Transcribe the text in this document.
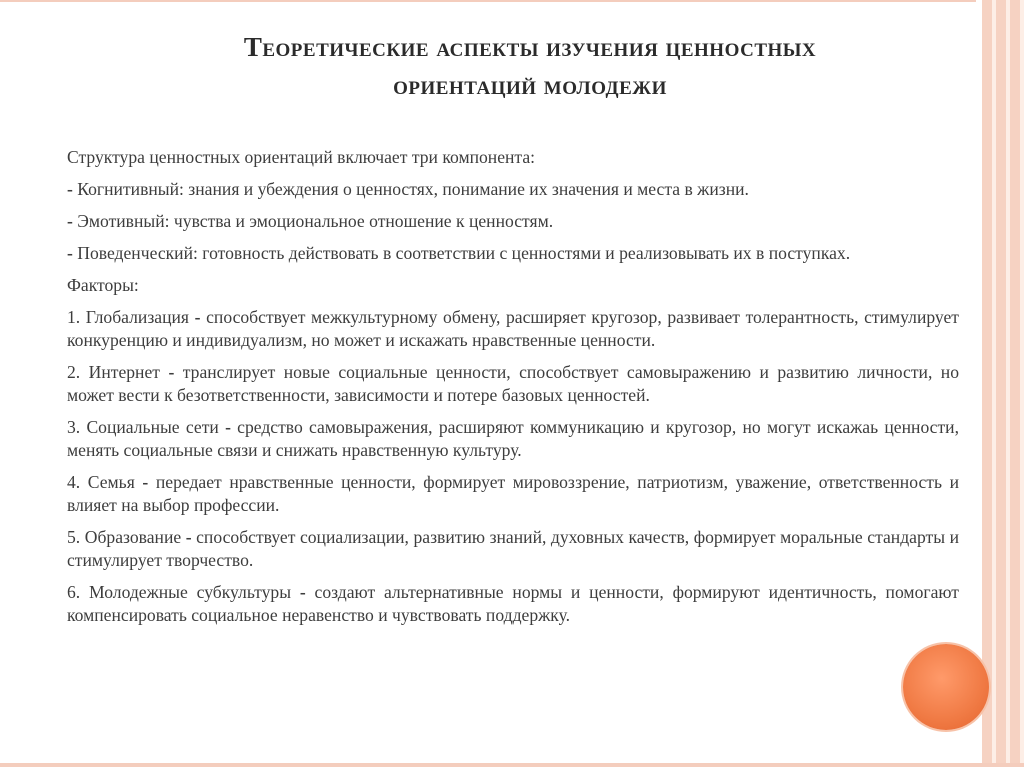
Теоретические аспекты изучения ценностных
ориентаций молодежи

Структура ценностных ориентаций включает три компонента:

- Когнитивный: знания и убеждения о ценностях, понимание их значения и места в жизни.

- Эмотивный: чувства и эмоциональное отношение к ценностям.

- Поведенческий: готовность действовать в соответствии с ценностями и реализовывать их в поступках.

Факторы:

1. Глобализация - способствует межкультурному обмену, расширяет кругозор, развивает толерантность, стимулирует конкуренцию и индивидуализм, но может и искажать нравственные ценности.

2. Интернет - транслирует новые социальные ценности, способствует самовыражению и развитию личности, но может вести к безответственности, зависимости и потере базовых ценностей.

3. Социальные сети - средство самовыражения, расширяют коммуникацию и кругозор, но могут искажаь ценности, менять социальные связи и снижать нравственную культуру.

4. Семья - передает нравственные ценности, формирует мировоззрение, патриотизм, уважение, ответственность и влияет на выбор профессии.

5. Образование - способствует социализации, развитию знаний, духовных качеств, формирует моральные стандарты и стимулирует творчество.

6. Молодежные субкультуры - создают альтернативные нормы и ценности, формируют идентичность, помогают компенсировать социальное неравенство и чувствовать поддержку.
